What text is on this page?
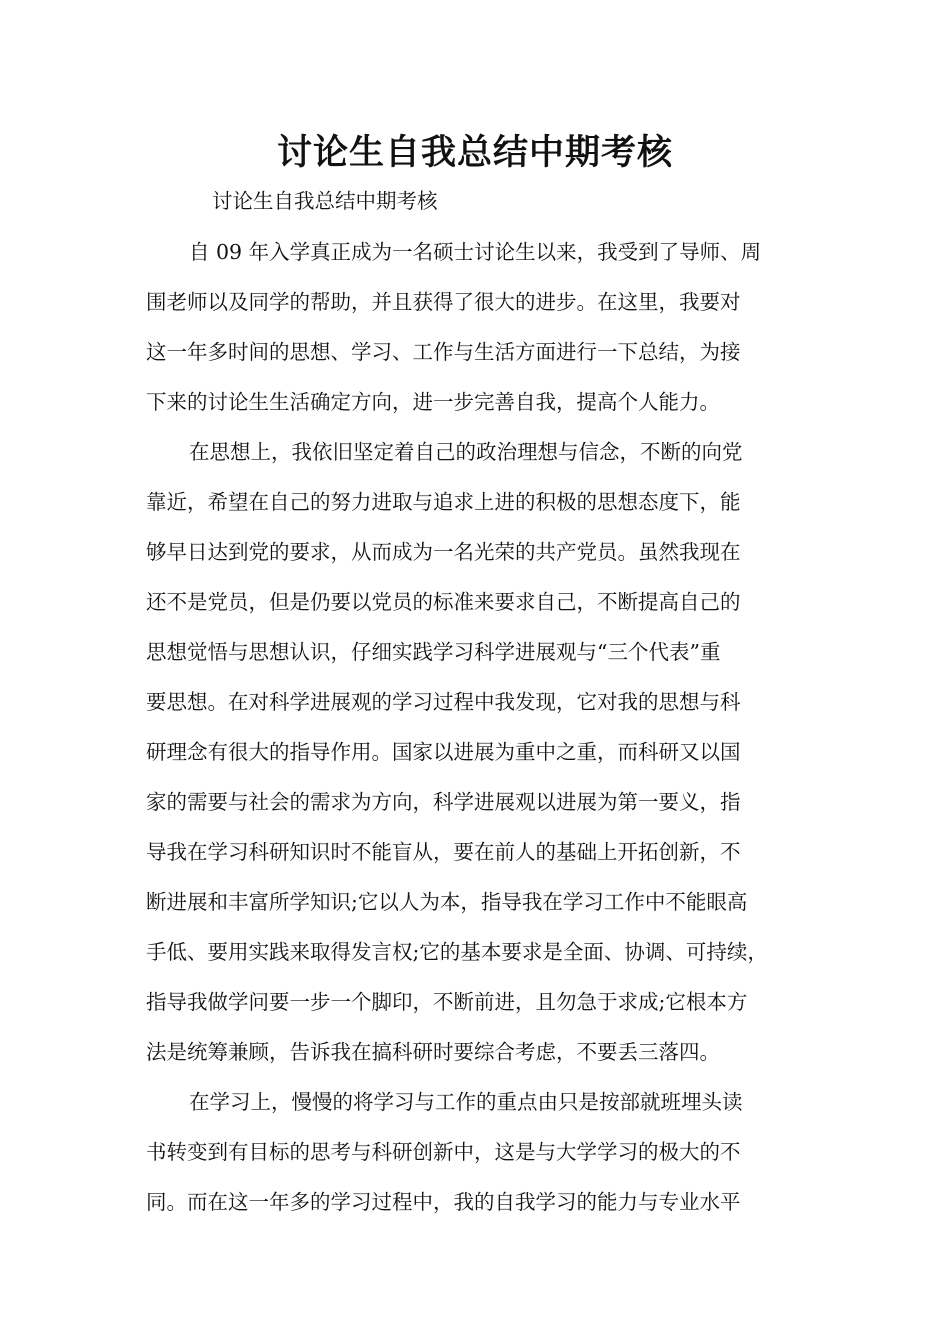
讨论生自我总结中期考核

讨论生自我总结中期考核

自 09 年入学真正成为一名硕士讨论生以来，我受到了导师、周
围老师以及同学的帮助，并且获得了很大的进步。在这里，我要对
这一年多时间的思想、学习、工作与生活方面进行一下总结，为接
下来的讨论生生活确定方向，进一步完善自我，提高个人能力。
在思想上，我依旧坚定着自己的政治理想与信念，不断的向党
靠近，希望在自己的努力进取与追求上进的积极的思想态度下，能
够早日达到党的要求，从而成为一名光荣的共产党员。虽然我现在
还不是党员，但是仍要以党员的标准来要求自己，不断提高自己的
思想觉悟与思想认识，仔细实践学习科学进展观与“三个代表”重
要思想。在对科学进展观的学习过程中我发现，它对我的思想与科
研理念有很大的指导作用。国家以进展为重中之重，而科研又以国
家的需要与社会的需求为方向，科学进展观以进展为第一要义，指
导我在学习科研知识时不能盲从，要在前人的基础上开拓创新，不
断进展和丰富所学知识;它以人为本，指导我在学习工作中不能眼高
手低、要用实践来取得发言权;它的基本要求是全面、协调、可持续，
指导我做学问要一步一个脚印，不断前进，且勿急于求成;它根本方
法是统筹兼顾，告诉我在搞科研时要综合考虑，不要丢三落四。
在学习上，慢慢的将学习与工作的重点由只是按部就班埋头读
书转变到有目标的思考与科研创新中，这是与大学学习的极大的不
同。而在这一年多的学习过程中，我的自我学习的能力与专业水平
